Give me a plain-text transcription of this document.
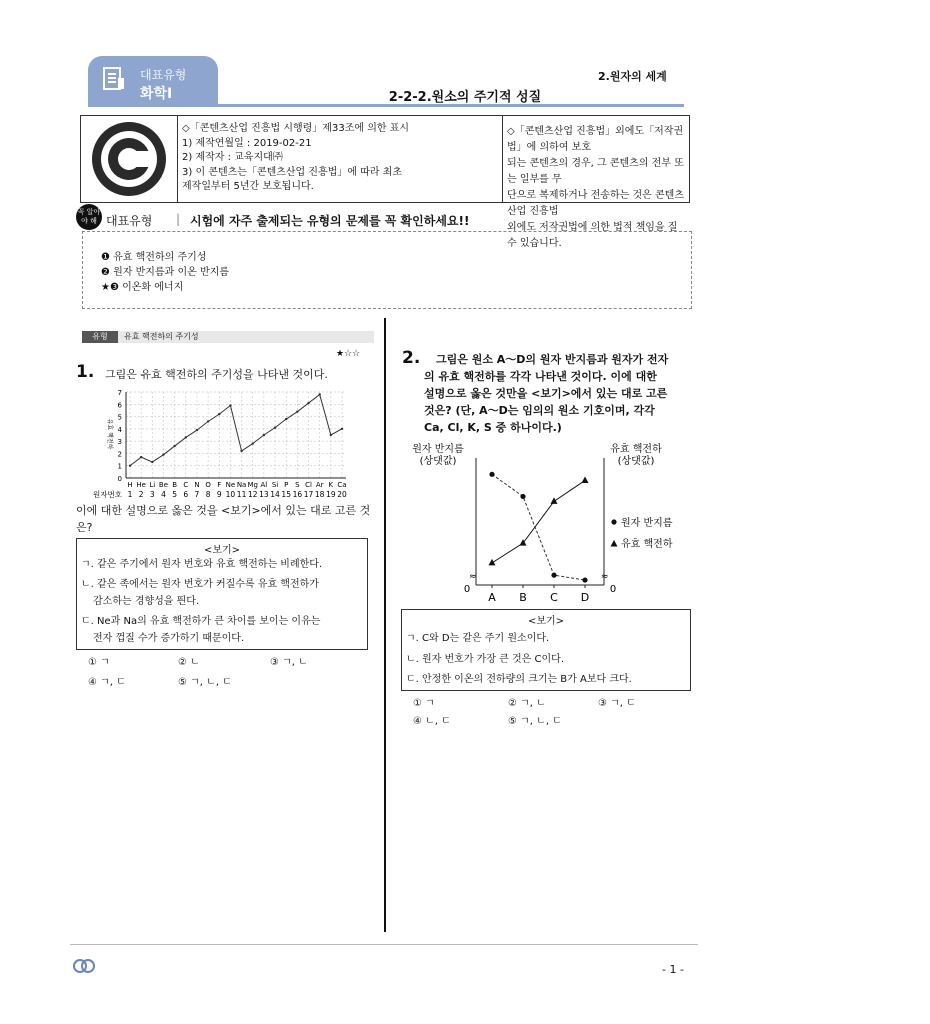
대표유형
화학Ⅰ
2.원자의 세계
2-2-2.원소의 주기적 성질
◇「콘텐츠산업 진흥법 시행령」제33조에 의한 표시
1) 제작연월일 : 2019-02-21
2) 제작자 : 교육지대㈜
3) 이 콘텐츠는「콘텐츠산업 진흥법」에 따라 최초
제작일부터 5년간 보호됩니다.
◇「콘텐츠산업 진흥법」외에도「저작권법」에 의하여 보호
되는 콘텐츠의 경우, 그 콘텐츠의 전부 또는 일부를 무
단으로 복제하거나 전송하는 것은 콘텐츠산업 진흥법
외에도 저작권법에 의한 법적 책임을 질 수 있습니다.
꼭 알아야 해 대표유형 | 시험에 자주 출제되는 유형의 문제를 꼭 확인하세요!!
❶ 유효 핵전하의 주기성
❷ 원자 반지름과 이온 반지름
★❸ 이온화 에너지
유형	유효 핵전하의 주기성
★☆☆
1. 그림은 유효 핵전하의 주기성을 나타낸 것이다.
0
1
2
3
4
5
6
7
유효 핵전하
H He Li Be B C N O F Ne Na Mg Al Si P S Cl Ar K Ca
원자번호 1 2 3 4 5 6 7 8 9 10 11 12 13 14 15 16 17 18 19 20
이에 대한 설명으로 옳은 것을 <보기>에서 있는 대로 고른 것은?
<보기>
ㄱ. 같은 주기에서 원자 번호와 유효 핵전하는 비례한다.
ㄴ. 같은 족에서는 원자 번호가 커질수록 유효 핵전하가
감소하는 경향성을 띈다.
ㄷ. Ne과 Na의 유효 핵전하가 큰 차이를 보이는 이유는
전자 껍질 수가 증가하기 때문이다.
① ㄱ	② ㄴ	③ ㄱ, ㄴ
④ ㄱ, ㄷ	⑤ ㄱ, ㄴ, ㄷ
2.	그림은 원소 A～D의 원자 반지름과 원자가 전자
의 유효 핵전하를 각각 나타낸 것이다. 이에 대한
설명으로 옳은 것만을 <보기>에서 있는 대로 고른
것은? (단, A～D는 임의의 원소 기호이며, 각각
Ca, Cl, K, S 중 하나이다.)
≈	≈
0	0
원자 반지름
(상댓값)
유효 핵전하
(상댓값)
A B C D
원자 반지름
유효 핵전하
<보기>
ㄱ. C와 D는 같은 주기 원소이다.
ㄴ. 원자 번호가 가장 큰 것은 C이다.
ㄷ. 안정한 이온의 전하량의 크기는 B가 A보다 크다.
① ㄱ	② ㄱ, ㄴ	③ ㄱ, ㄷ
④ ㄴ, ㄷ	⑤ ㄱ, ㄴ, ㄷ
- 1 -
